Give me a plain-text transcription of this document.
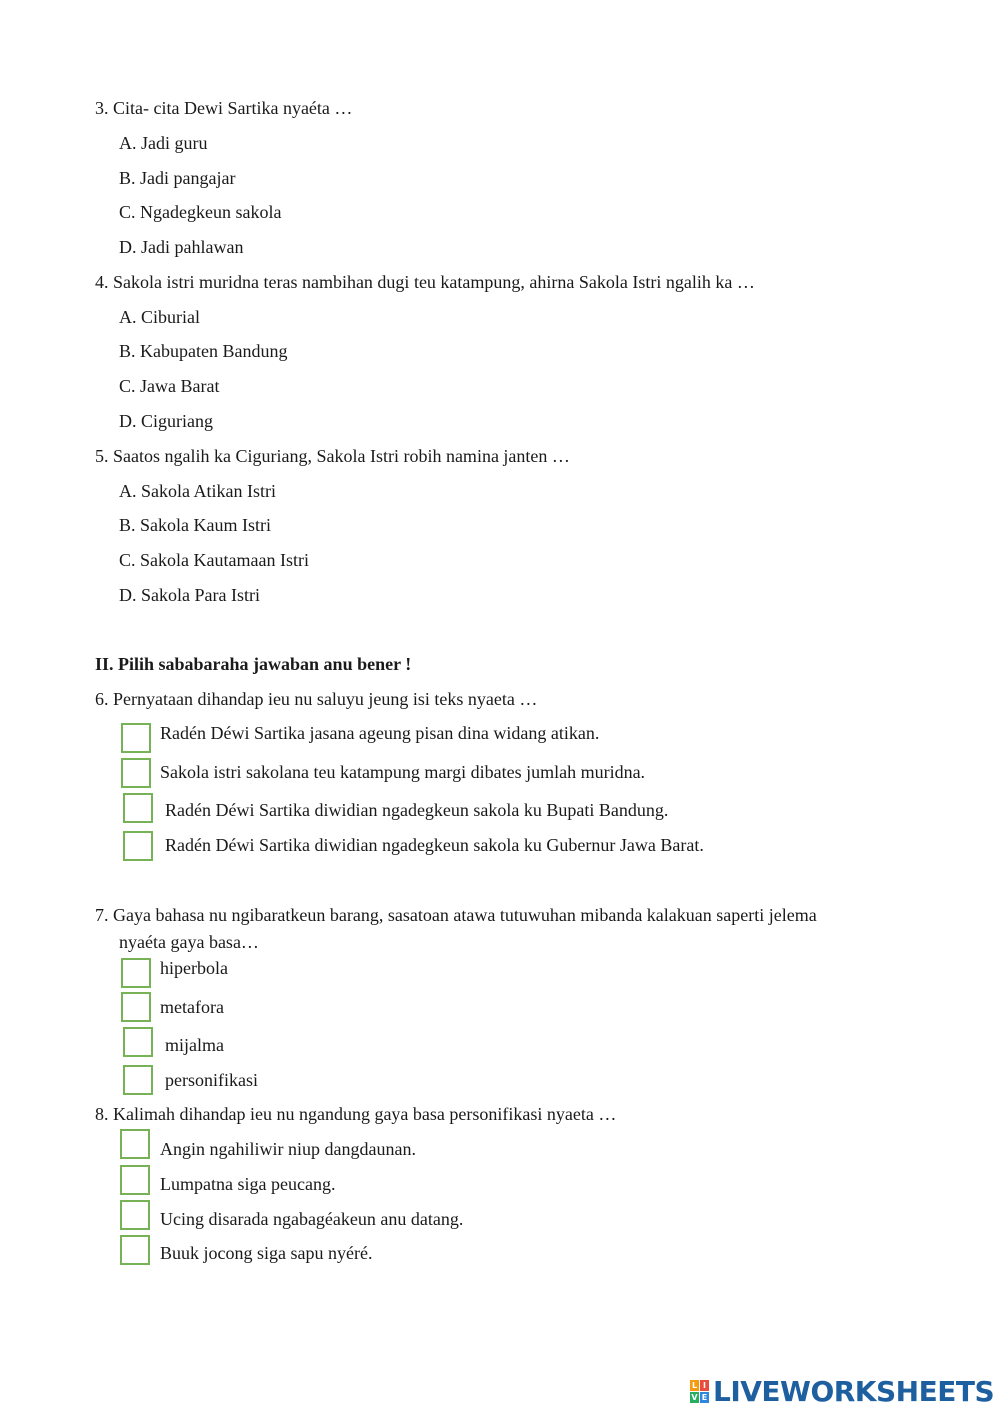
3. Cita- cita Dewi Sartika nyaéta …
A. Jadi guru
B. Jadi pangajar
C. Ngadegkeun sakola
D. Jadi pahlawan
4. Sakola istri muridna teras nambihan dugi teu katampung, ahirna Sakola Istri ngalih ka …
A. Ciburial
B. Kabupaten Bandung
C. Jawa Barat
D. Ciguriang
5. Saatos ngalih ka Ciguriang, Sakola Istri robih namina janten …
A. Sakola Atikan Istri
B. Sakola Kaum Istri
C. Sakola Kautamaan Istri
D. Sakola Para Istri
II. Pilih sababaraha jawaban anu bener !
6. Pernyataan dihandap ieu nu saluyu jeung isi teks nyaeta …
Radén Déwi Sartika jasana ageung pisan dina widang atikan.
Sakola istri sakolana teu katampung margi dibates jumlah muridna.
Radén Déwi Sartika diwidian ngadegkeun sakola ku Bupati Bandung.
Radén Déwi Sartika diwidian ngadegkeun sakola ku Gubernur Jawa Barat.
7. Gaya bahasa nu ngibaratkeun barang, sasatoan atawa tutuwuhan mibanda kalakuan saperti jelema
nyaéta gaya basa…
hiperbola
metafora
mijalma
personifikasi
8. Kalimah dihandap ieu nu ngandung gaya basa personifikasi nyaeta …
Angin ngahiliwir niup dangdaunan.
Lumpatna siga peucang.
Ucing disarada ngabagéakeun anu datang.
Buuk jocong siga sapu nyéré.
L I
V E LIVEWORKSHEETS
